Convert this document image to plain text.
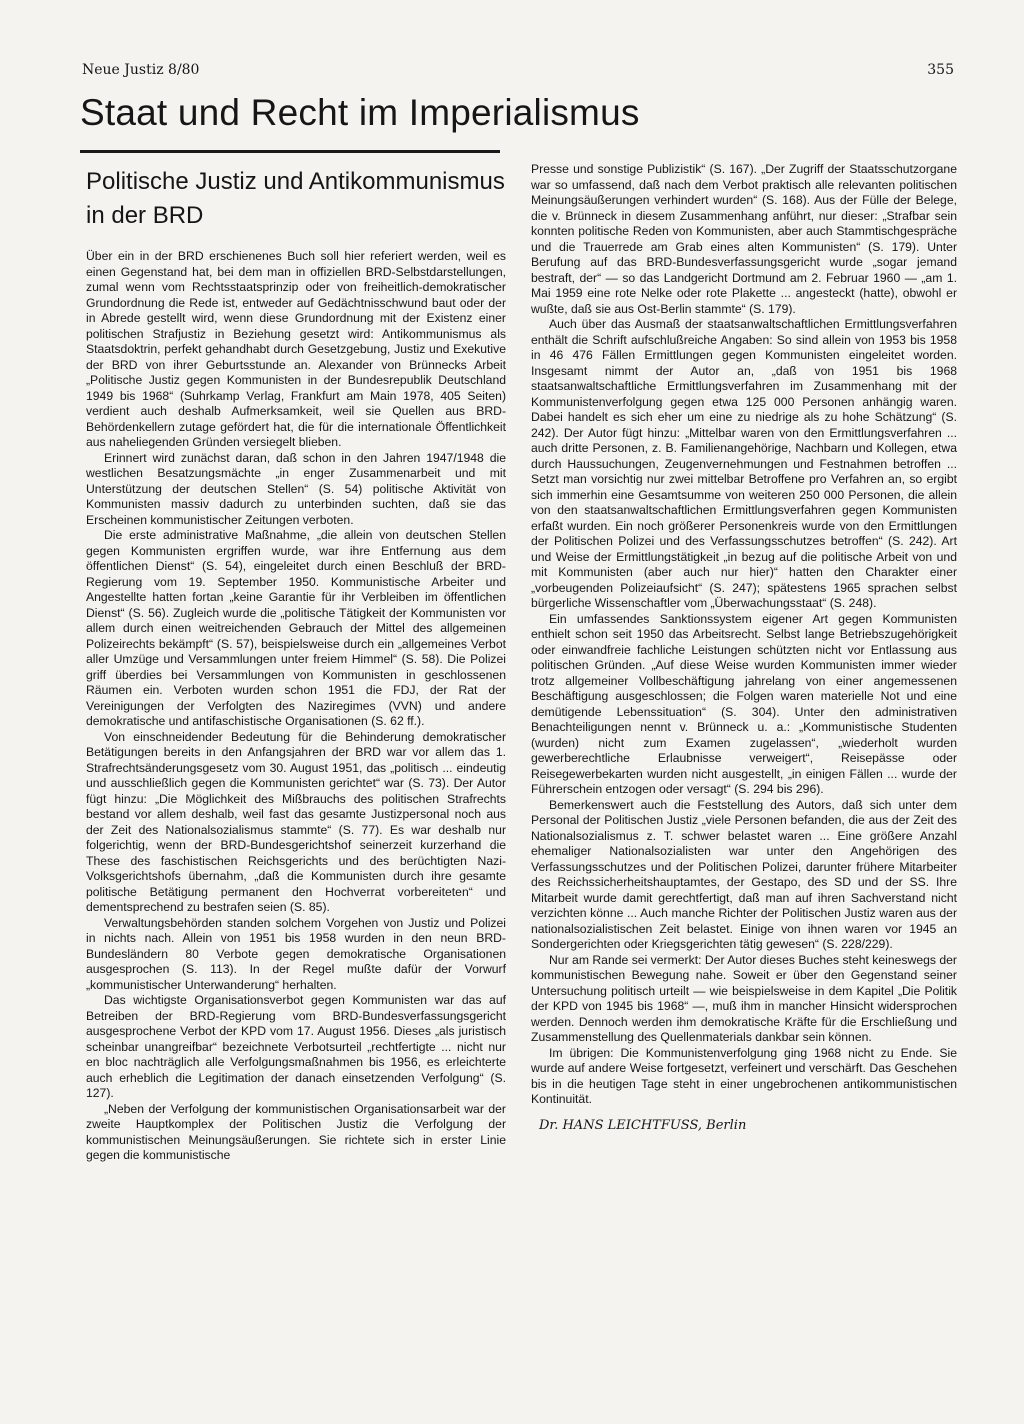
Neue Justiz 8/80	355
Staat und Recht im Imperialismus
Politische Justiz und Antikommunismus
in der BRD

Über ein in der BRD erschienenes Buch soll hier referiert werden, weil es einen Gegenstand hat, bei dem man in offiziellen BRD-Selbstdarstellungen, zumal wenn vom Rechtsstaatsprinzip oder von freiheitlich-demokratischer Grundordnung die Rede ist, entweder auf Gedächtnisschwund baut oder der in Abrede gestellt wird, wenn diese Grundordnung mit der Existenz einer politischen Strafjustiz in Beziehung gesetzt wird: Antikommunismus als Staatsdoktrin, perfekt gehandhabt durch Gesetzgebung, Justiz und Exekutive der BRD von ihrer Geburtsstunde an. Alexander von Brünnecks Arbeit „Politische Justiz gegen Kommunisten in der Bundesrepublik Deutschland 1949 bis 1968“ (Suhrkamp Verlag, Frankfurt am Main 1978, 405 Seiten) verdient auch deshalb Aufmerksamkeit, weil sie Quellen aus BRD-Behördenkellern zutage gefördert hat, die für die internationale Öffentlichkeit aus naheliegenden Gründen versiegelt blieben.

Erinnert wird zunächst daran, daß schon in den Jahren 1947/1948 die westlichen Besatzungsmächte „in enger Zusammenarbeit und mit Unterstützung der deutschen Stellen“ (S. 54) politische Aktivität von Kommunisten massiv dadurch zu unterbinden suchten, daß sie das Erscheinen kommunistischer Zeitungen verboten.

Die erste administrative Maßnahme, „die allein von deutschen Stellen gegen Kommunisten ergriffen wurde, war ihre Entfernung aus dem öffentlichen Dienst“ (S. 54), eingeleitet durch einen Beschluß der BRD-Regierung vom 19. September 1950. Kommunistische Arbeiter und Angestellte hatten fortan „keine Garantie für ihr Verbleiben im öffentlichen Dienst“ (S. 56). Zugleich wurde die „politische Tätigkeit der Kommunisten vor allem durch einen weitreichenden Gebrauch der Mittel des allgemeinen Polizeirechts bekämpft“ (S. 57), beispielsweise durch ein „allgemeines Verbot aller Umzüge und Versammlungen unter freiem Himmel“ (S. 58). Die Polizei griff überdies bei Versammlungen von Kommunisten in geschlossenen Räumen ein. Verboten wurden schon 1951 die FDJ, der Rat der Vereinigungen der Verfolgten des Naziregimes (VVN) und andere demokratische und antifaschistische Organisationen (S. 62 ff.).

Von einschneidender Bedeutung für die Behinderung demokratischer Betätigungen bereits in den Anfangsjahren der BRD war vor allem das 1. Strafrechtsänderungsgesetz vom 30. August 1951, das „politisch ... eindeutig und ausschließlich gegen die Kommunisten gerichtet“ war (S. 73). Der Autor fügt hinzu: „Die Möglichkeit des Mißbrauchs des politischen Strafrechts bestand vor allem deshalb, weil fast das gesamte Justizpersonal noch aus der Zeit des Nationalsozialismus stammte“ (S. 77). Es war deshalb nur folgerichtig, wenn der BRD-Bundesgerichtshof seinerzeit kurzerhand die These des faschistischen Reichsgerichts und des berüchtigten Nazi-Volksgerichtshofs übernahm, „daß die Kommunisten durch ihre gesamte politische Betätigung permanent den Hochverrat vorbereiteten“ und dementsprechend zu bestrafen seien (S. 85).

Verwaltungsbehörden standen solchem Vorgehen von Justiz und Polizei in nichts nach. Allein von 1951 bis 1958 wurden in den neun BRD-Bundesländern 80 Verbote gegen demokratische Organisationen ausgesprochen (S. 113). In der Regel mußte dafür der Vorwurf „kommunistischer Unterwanderung“ herhalten.

Das wichtigste Organisationsverbot gegen Kommunisten war das auf Betreiben der BRD-Regierung vom BRD-Bundesverfassungsgericht ausgesprochene Verbot der KPD vom 17. August 1956. Dieses „als juristisch scheinbar unangreifbar“ bezeichnete Verbotsurteil „rechtfertigte ... nicht nur en bloc nachträglich alle Verfolgungsmaßnahmen bis 1956, es erleichterte auch erheblich die Legitimation der danach einsetzenden Verfolgung“ (S. 127).

„Neben der Verfolgung der kommunistischen Organisationsarbeit war der zweite Hauptkomplex der Politischen Justiz die Verfolgung der kommunistischen Meinungsäußerungen. Sie richtete sich in erster Linie gegen die kommunistische

Presse und sonstige Publizistik“ (S. 167). „Der Zugriff der Staatsschutzorgane war so umfassend, daß nach dem Verbot praktisch alle relevanten politischen Meinungsäußerungen verhindert wurden“ (S. 168). Aus der Fülle der Belege, die v. Brünneck in diesem Zusammenhang anführt, nur dieser: „Strafbar sein konnten politische Reden von Kommunisten, aber auch Stammtischgespräche und die Trauerrede am Grab eines alten Kommunisten“ (S. 179). Unter Berufung auf das BRD-Bundesverfassungsgericht wurde „sogar jemand bestraft, der“ — so das Landgericht Dortmund am 2. Februar 1960 — „am 1. Mai 1959 eine rote Nelke oder rote Plakette ... angesteckt (hatte), obwohl er wußte, daß sie aus Ost-Berlin stammte“ (S. 179).

Auch über das Ausmaß der staatsanwaltschaftlichen Ermittlungsverfahren enthält die Schrift aufschlußreiche Angaben: So sind allein von 1953 bis 1958 in 46 476 Fällen Ermittlungen gegen Kommunisten eingeleitet worden. Insgesamt nimmt der Autor an, „daß von 1951 bis 1968 staatsanwaltschaftliche Ermittlungsverfahren im Zusammenhang mit der Kommunistenverfolgung gegen etwa 125 000 Personen anhängig waren. Dabei handelt es sich eher um eine zu niedrige als zu hohe Schätzung“ (S. 242). Der Autor fügt hinzu: „Mittelbar waren von den Ermittlungsverfahren ... auch dritte Personen, z. B. Familienangehörige, Nachbarn und Kollegen, etwa durch Haussuchungen, Zeugenvernehmungen und Festnahmen betroffen ... Setzt man vorsichtig nur zwei mittelbar Betroffene pro Verfahren an, so ergibt sich immerhin eine Gesamtsumme von weiteren 250 000 Personen, die allein von den staatsanwaltschaftlichen Ermittlungsverfahren gegen Kommunisten erfaßt wurden. Ein noch größerer Personenkreis wurde von den Ermittlungen der Politischen Polizei und des Verfassungsschutzes betroffen“ (S. 242). Art und Weise der Ermittlungstätigkeit „in bezug auf die politische Arbeit von und mit Kommunisten (aber auch nur hier)“ hatten den Charakter einer „vorbeugenden Polizeiaufsicht“ (S. 247); spätestens 1965 sprachen selbst bürgerliche Wissenschaftler vom „Überwachungsstaat“ (S. 248).

Ein umfassendes Sanktionssystem eigener Art gegen Kommunisten enthielt schon seit 1950 das Arbeitsrecht. Selbst lange Betriebszugehörigkeit oder einwandfreie fachliche Leistungen schützten nicht vor Entlassung aus politischen Gründen. „Auf diese Weise wurden Kommunisten immer wieder trotz allgemeiner Vollbeschäftigung jahrelang von einer angemessenen Beschäftigung ausgeschlossen; die Folgen waren materielle Not und eine demütigende Lebenssituation“ (S. 304). Unter den administrativen Benachteiligungen nennt v. Brünneck u. a.: „Kommunistische Studenten (wurden) nicht zum Examen zugelassen“, „wiederholt wurden gewerberechtliche Erlaubnisse verweigert“, Reisepässe oder Reisegewerbekarten wurden nicht ausgestellt, „in einigen Fällen ... wurde der Führerschein entzogen oder versagt“ (S. 294 bis 296).

Bemerkenswert auch die Feststellung des Autors, daß sich unter dem Personal der Politischen Justiz „viele Personen befanden, die aus der Zeit des Nationalsozialismus z. T. schwer belastet waren ... Eine größere Anzahl ehemaliger Nationalsozialisten war unter den Angehörigen des Verfassungsschutzes und der Politischen Polizei, darunter frühere Mitarbeiter des Reichssicherheitshauptamtes, der Gestapo, des SD und der SS. Ihre Mitarbeit wurde damit gerechtfertigt, daß man auf ihren Sachverstand nicht verzichten könne ... Auch manche Richter der Politischen Justiz waren aus der nationalsozialistischen Zeit belastet. Einige von ihnen waren vor 1945 an Sondergerichten oder Kriegsgerichten tätig gewesen“ (S. 228/229).

Nur am Rande sei vermerkt: Der Autor dieses Buches steht keineswegs der kommunistischen Bewegung nahe. Soweit er über den Gegenstand seiner Untersuchung politisch urteilt — wie beispielsweise in dem Kapitel „Die Politik der KPD von 1945 bis 1968“ —, muß ihm in mancher Hinsicht widersprochen werden. Dennoch werden ihm demokratische Kräfte für die Erschließung und Zusammenstellung des Quellenmaterials dankbar sein können.

Im übrigen: Die Kommunistenverfolgung ging 1968 nicht zu Ende. Sie wurde auf andere Weise fortgesetzt, verfeinert und verschärft. Das Geschehen bis in die heutigen Tage steht in einer ungebrochenen antikommunistischen Kontinuität.

Dr. HANS LEICHTFUSS, Berlin
